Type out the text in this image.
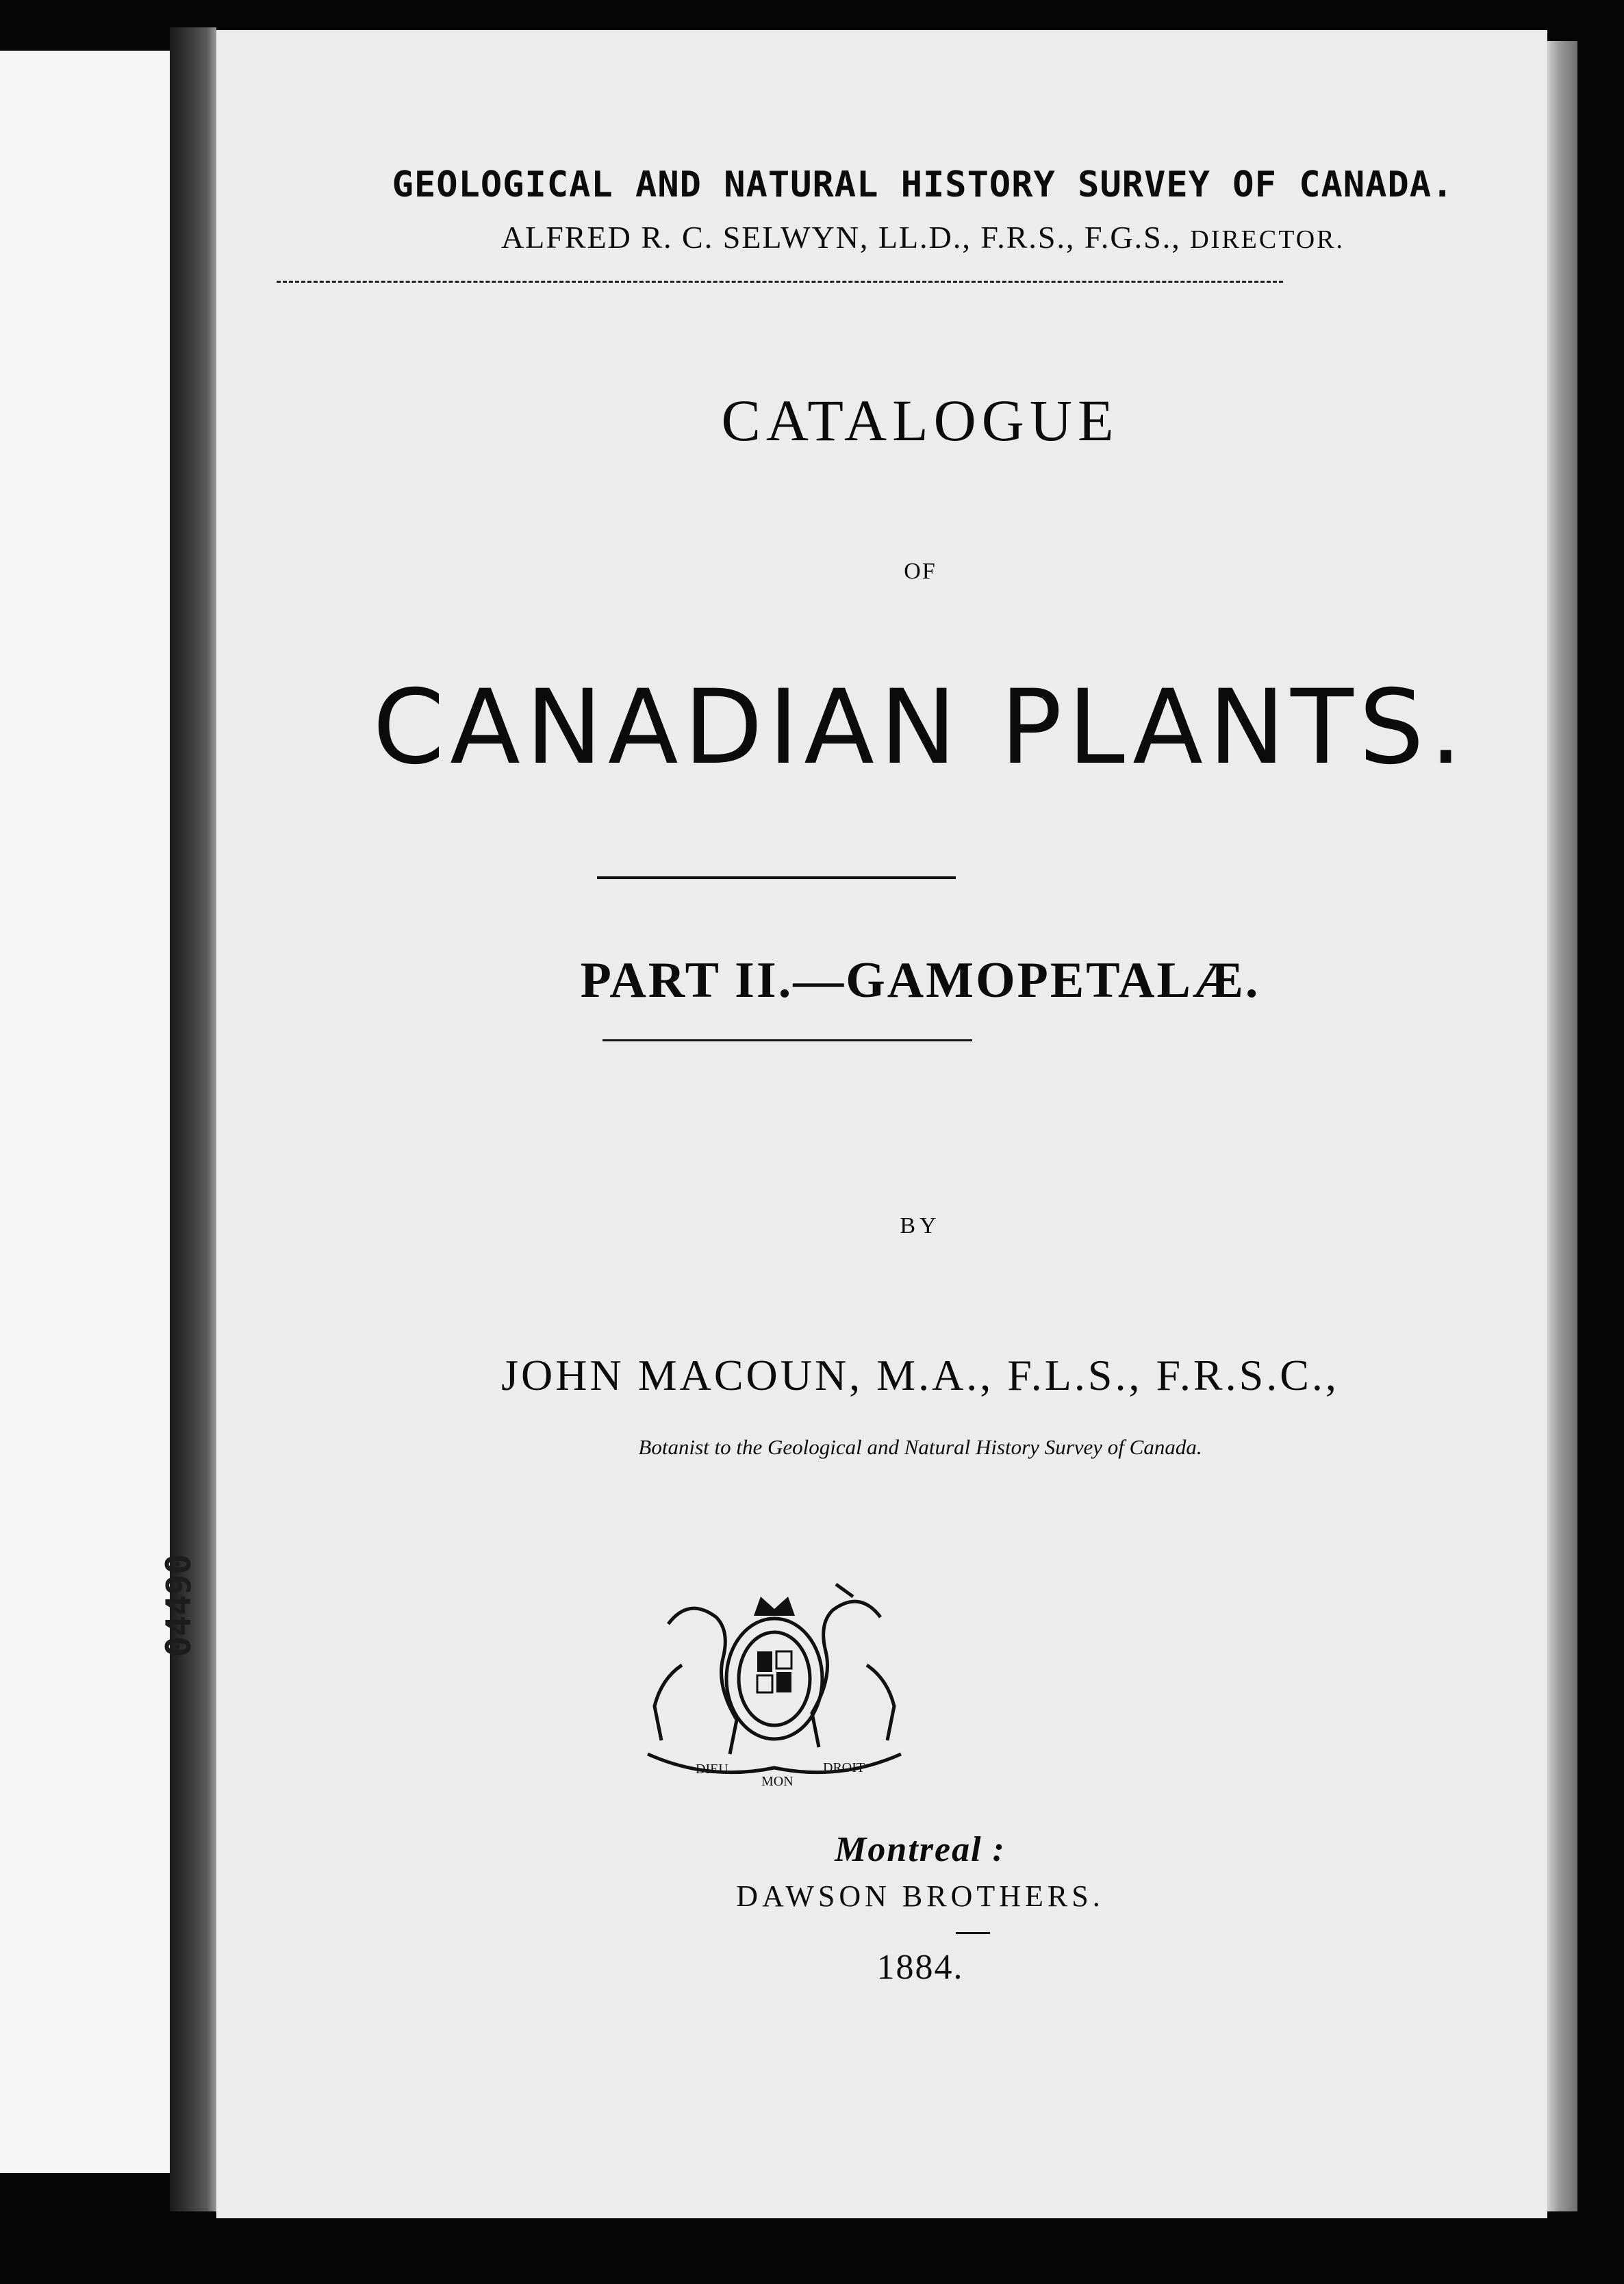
04490
GEOLOGICAL AND NATURAL HISTORY SURVEY OF CANADA.
ALFRED R. C. SELWYN, LL.D., F.R.S., F.G.S., DIRECTOR.
CATALOGUE
OF
CANADIAN PLANTS.
PART II.—GAMOPETALÆ.
BY
JOHN MACOUN, M.A., F.L.S., F.R.S.C.,
Botanist to the Geological and Natural History Survey of Canada.
DIEU
MON
DROIT
Montreal :
DAWSON BROTHERS.
1884.
